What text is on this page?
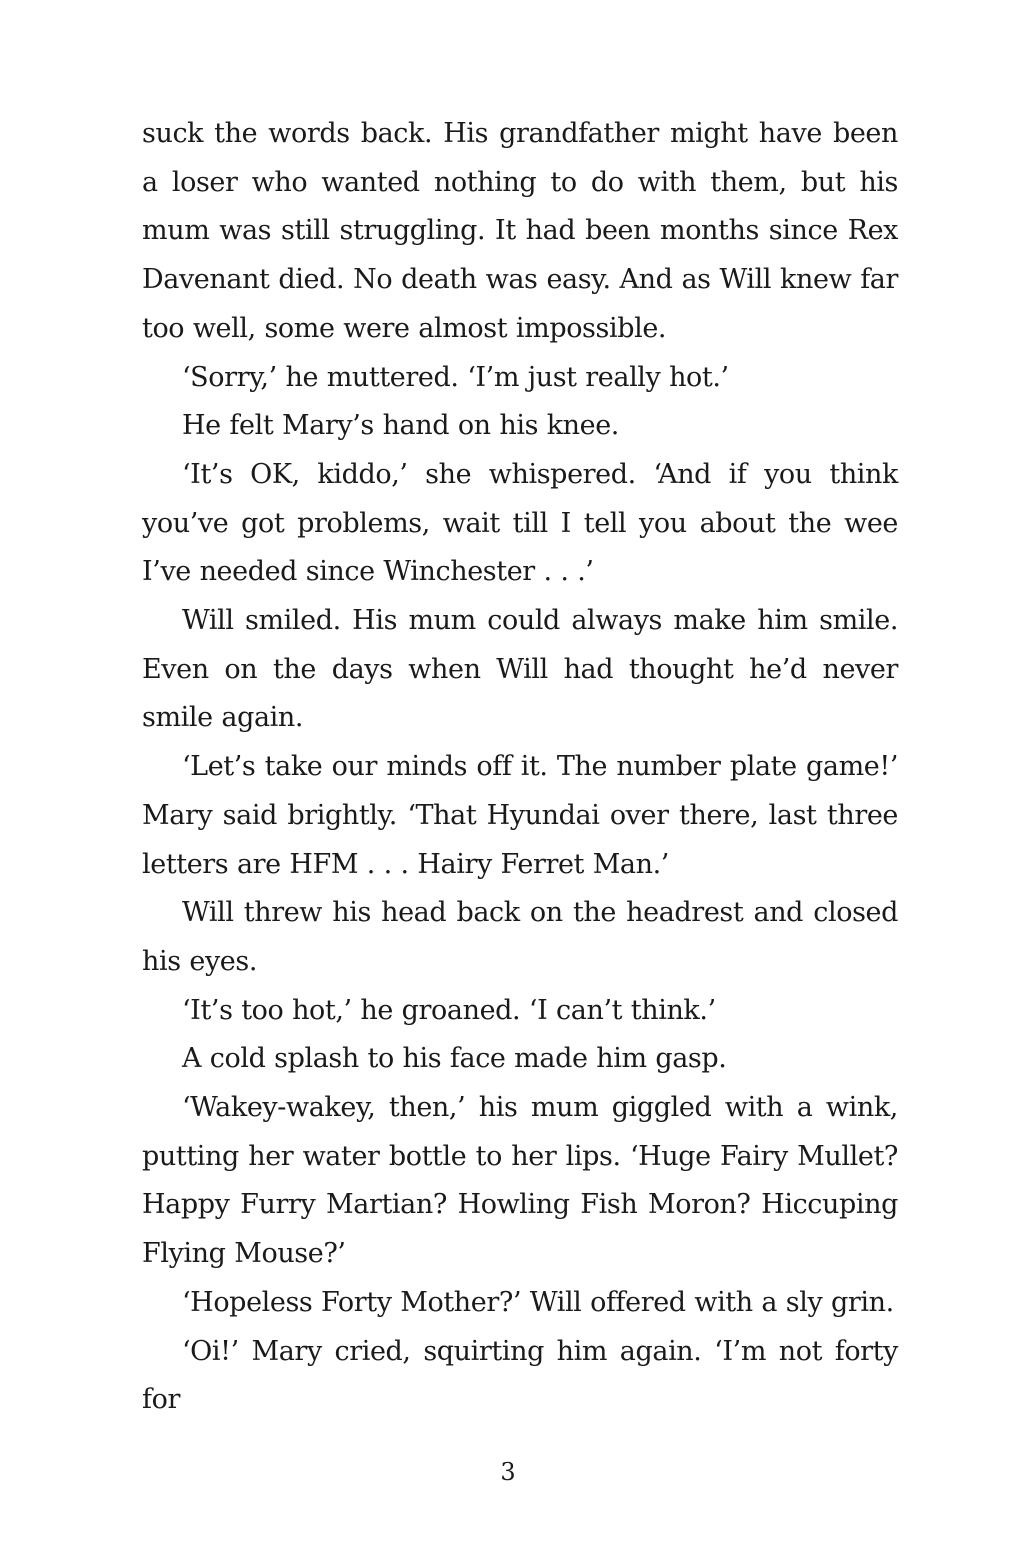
suck the words back. His grandfather might have been a loser who wanted nothing to do with them, but his mum was still struggling. It had been months since Rex Davenant died. No death was easy. And as Will knew far too well, some were almost impossible.

‘Sorry,’ he muttered. ‘I’m just really hot.’

He felt Mary’s hand on his knee.

‘It’s OK, kiddo,’ she whispered. ‘And if you think you’ve got problems, wait till I tell you about the wee I’ve needed since Winchester . . .’

Will smiled. His mum could always make him smile. Even on the days when Will had thought he’d never smile again.

‘Let’s take our minds off it. The number plate game!’ Mary said brightly. ‘That Hyundai over there, last three letters are HFM . . . Hairy Ferret Man.’

Will threw his head back on the headrest and closed his eyes.

‘It’s too hot,’ he groaned. ‘I can’t think.’

A cold splash to his face made him gasp.

‘Wakey-wakey, then,’ his mum giggled with a wink, putting her water bottle to her lips. ‘Huge Fairy Mullet? Happy Furry Martian? Howling Fish Moron? Hiccuping Flying Mouse?’

‘Hopeless Forty Mother?’ Will offered with a sly grin.

‘Oi!’ Mary cried, squirting him again. ‘I’m not forty for

3
